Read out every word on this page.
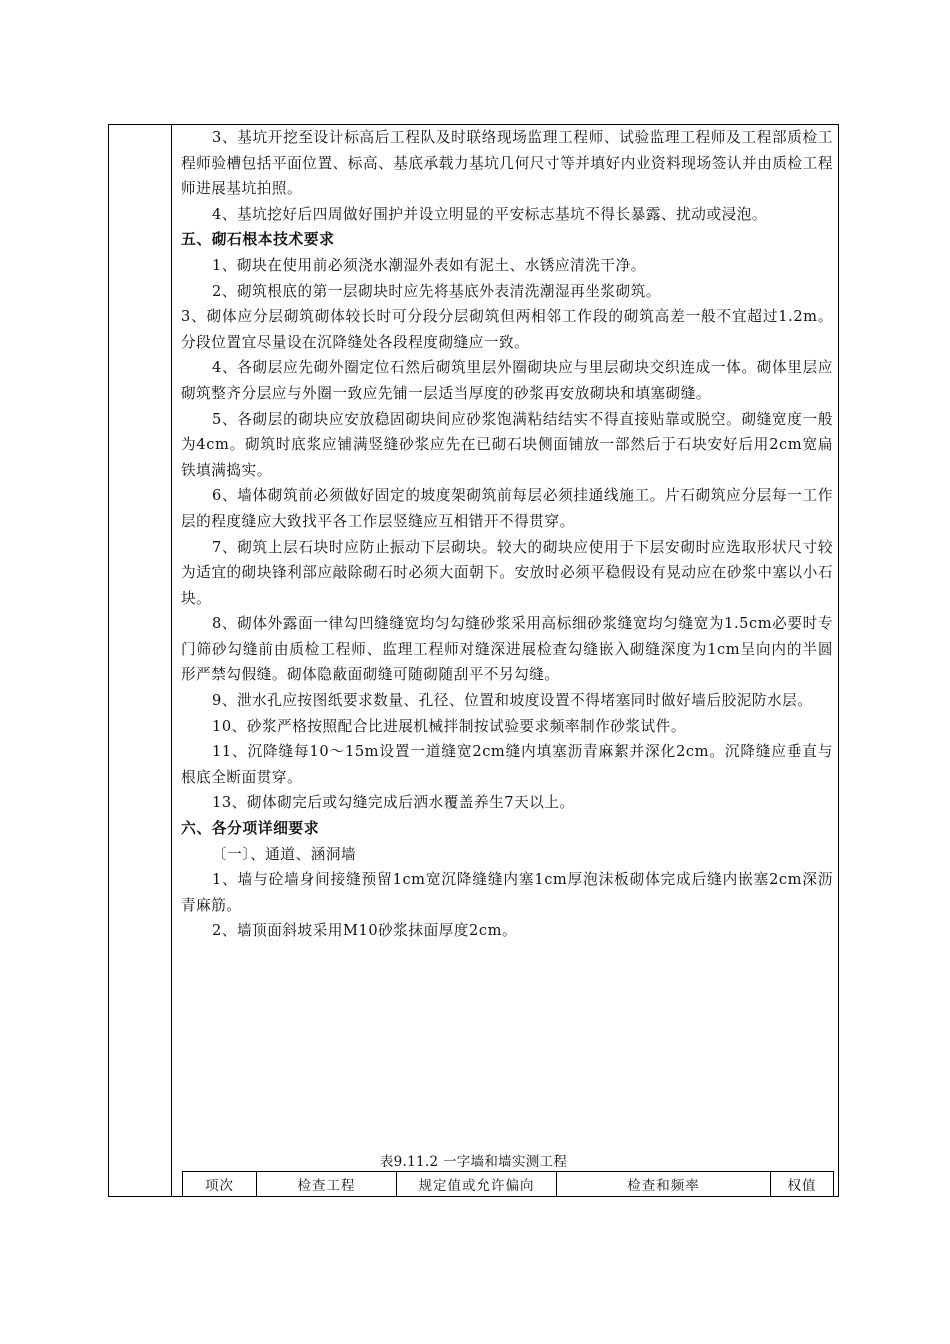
3、基坑开挖至设计标高后工程队及时联络现场监理工程师、试验监理工程师及工程部质检工程师验槽包括平面位置、标高、基底承载力基坑几何尺寸等并填好内业资料现场签认并由质检工程师进展基坑拍照。

4、基坑挖好后四周做好围护并设立明显的平安标志基坑不得长暴露、扰动或浸泡。

五、砌石根本技术要求

1、砌块在使用前必须浇水潮湿外表如有泥土、水锈应清洗干净。

2、砌筑根底的第一层砌块时应先将基底外表清洗潮湿再坐浆砌筑。

3、砌体应分层砌筑砌体较长时可分段分层砌筑但两相邻工作段的砌筑高差一般不宜超过1.2m。分段位置宜尽量设在沉降缝处各段程度砌缝应一致。

4、各砌层应先砌外圈定位石然后砌筑里层外圈砌块应与里层砌块交织连成一体。砌体里层应砌筑整齐分层应与外圈一致应先铺一层适当厚度的砂浆再安放砌块和填塞砌缝。

5、各砌层的砌块应安放稳固砌块间应砂浆饱满粘结结实不得直接贴靠或脱空。砌缝宽度一般为4cm。砌筑时底浆应铺满竖缝砂浆应先在已砌石块侧面铺放一部然后于石块安好后用2cm宽扁铁填满捣实。

6、墙体砌筑前必须做好固定的坡度架砌筑前每层必须挂通线施工。片石砌筑应分层每一工作层的程度缝应大致找平各工作层竖缝应互相错开不得贯穿。

7、砌筑上层石块时应防止振动下层砌块。较大的砌块应使用于下层安砌时应选取形状尺寸较为适宜的砌块锋利部应敲除砌石时必须大面朝下。安放时必须平稳假设有晃动应在砂浆中塞以小石块。

8、砌体外露面一律勾凹缝缝宽均匀勾缝砂浆采用高标细砂浆缝宽均匀缝宽为1.5cm必要时专门筛砂勾缝前由质检工程师、监理工程师对缝深进展检查勾缝嵌入砌缝深度为1cm呈向内的半圆形严禁勾假缝。砌体隐蔽面砌缝可随砌随刮平不另勾缝。

9、泄水孔应按图纸要求数量、孔径、位置和坡度设置不得堵塞同时做好墙后胶泥防水层。

10、砂浆严格按照配合比进展机械拌制按试验要求频率制作砂浆试件。

11、沉降缝每10～15m设置一道缝宽2cm缝内填塞沥青麻絮并深化2cm。沉降缝应垂直与根底全断面贯穿。

13、砌体砌完后或勾缝完成后洒水覆盖养生7天以上。

六、各分项详细要求

〔一〕、通道、涵洞墙

1、墙与砼墙身间接缝预留1cm宽沉降缝缝内塞1cm厚泡沫板砌体完成后缝内嵌塞2cm深沥青麻筋。

2、墙顶面斜坡采用M10砂浆抹面厚度2cm。

表9.11.2 一字墙和墙实测工程
项次	检查工程	规定值或允许偏向	检查和频率	权值
